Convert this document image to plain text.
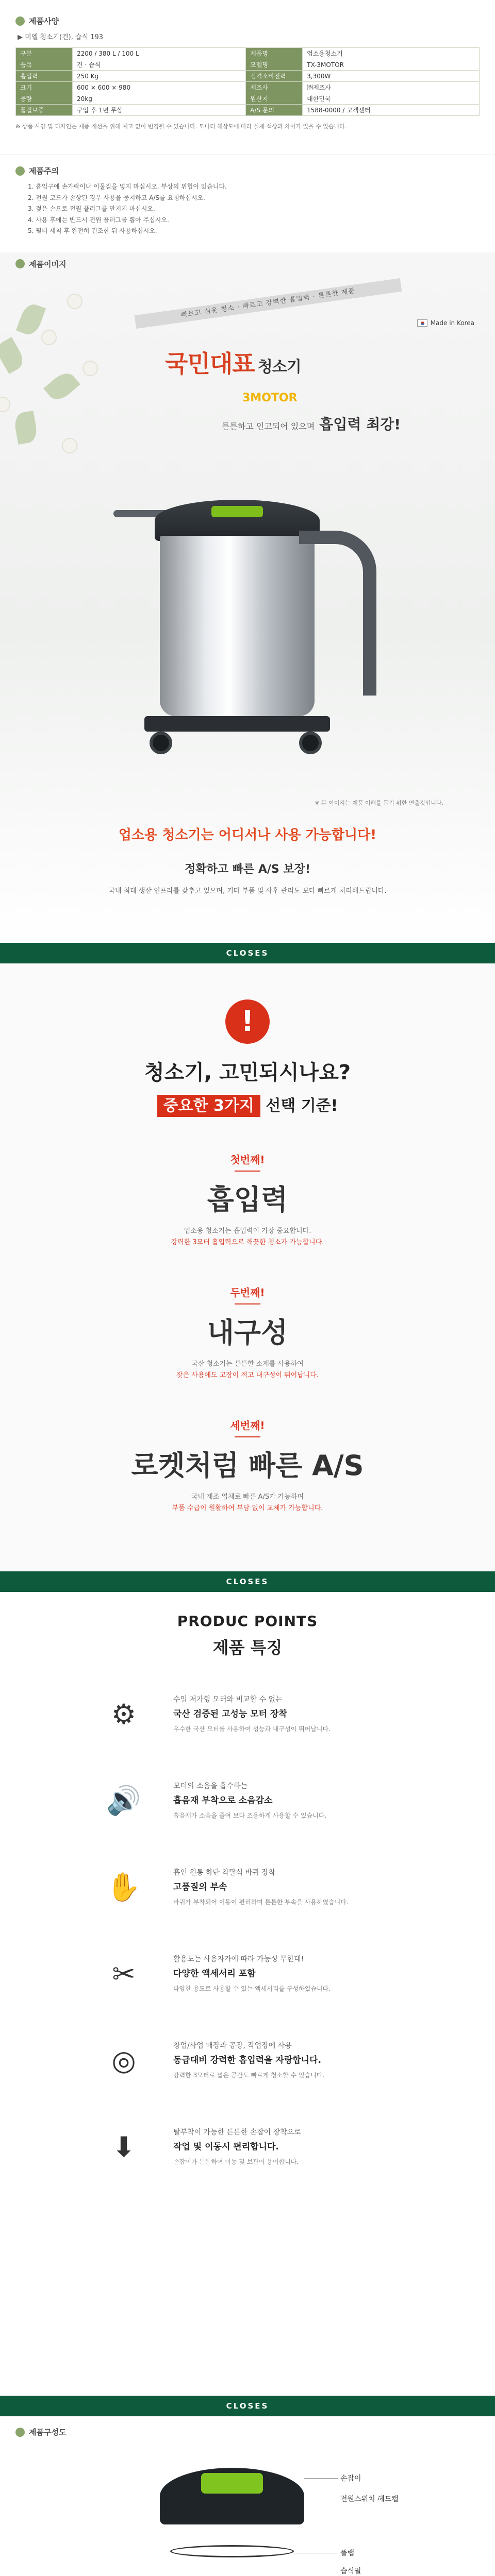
제품사양
▶ 미엘 청소기(건), 습식 193
구분	2200 / 380 L / 100 L	제품명	업소용청소기
품목	건 · 습식	모델명	TX-3MOTOR
흡입력	250 Kg	정격소비전력	3,300W
크기	600 × 600 × 980	제조사	㈜제조사
중량	20kg	원산지	대한민국
품질보증	구입 후 1년 무상	A/S 문의	1588-0000 / 고객센터

※ 상품 사양 및 디자인은 제품 개선을 위해 예고 없이 변경될 수 있습니다. 모니터 해상도에 따라 실제 색상과 차이가 있을 수 있습니다.

제품주의
1. 흡입구에 손가락이나 이물질을 넣지 마십시오. 부상의 위험이 있습니다.
2. 전원 코드가 손상된 경우 사용을 중지하고 A/S를 요청하십시오.
3. 젖은 손으로 전원 플러그를 만지지 마십시오.
4. 사용 후에는 반드시 전원 플러그를 뽑아 주십시오.
5. 필터 세척 후 완전히 건조한 뒤 사용하십시오.
제품이미지
빠르고 쉬운 청소 · 빠르고 강력한 흡입력 · 튼튼한 제품
Made in Korea
국민대표 청소기
3MOTOR
튼튼하고 인고되어 있으며 흡입력 최강!
※ 본 이미지는 제품 이해를 돕기 위한 연출컷입니다.
업소용 청소기는 어디서나 사용 가능합니다!
정확하고 빠른 A/S 보장!
국내 최대 생산 인프라를 갖추고 있으며, 기타 부품 및 사후 관리도 보다 빠르게 처리해드립니다.
CLOSES
!
청소기, 고민되시나요?
중요한 3가지 선택 기준!
첫번째!
흡입력
업소용 청소기는 흡입력이 가장 중요합니다.
강력한 3모터 흡입력으로 깨끗한 청소가 가능합니다.
두번째!
내구성
국산 청소기는 튼튼한 소재를 사용하여
잦은 사용에도 고장이 적고 내구성이 뛰어납니다.
세번째!
로켓처럼 빠른 A/S
국내 제조 업체로 빠른 A/S가 가능하며
부품 수급이 원활하여 부담 없이 교체가 가능합니다.
CLOSES
PRODUC POINTS
제품 특징
⚙	수입 저가형 모터와 비교할 수 없는
국산 검증된 고성능 모터 장착
우수한 국산 모터를 사용하여 성능과 내구성이 뛰어납니다.
🔊	모터의 소음을 흡수하는
흡음재 부착으로 소음감소
흡음재가 소음을 줄여 보다 조용하게 사용할 수 있습니다.
✋	흡인 원통 하단 착탈식 바퀴 장착
고품질의 부속
바퀴가 부착되어 이동이 편리하며 튼튼한 부속을 사용하였습니다.
✂	활용도는 사용자가에 따라 가능성 무한대!
다양한 액세서리 포함
다양한 용도로 사용할 수 있는 액세서리를 구성하였습니다.
◎	창업/사업 매장과 공장, 작업장에 사용
동급대비 강력한 흡입력을 자랑합니다.
강력한 3모터로 넓은 공간도 빠르게 청소할 수 있습니다.
⬇	탈부착이 가능한 튼튼한 손잡이 장착으로
작업 및 이동시 편리합니다.
손잡이가 튼튼하여 이동 및 보관이 용이합니다.
CLOSES
제품구성도
손잡이
전원스위치 헤드캡
플랩
습식필
